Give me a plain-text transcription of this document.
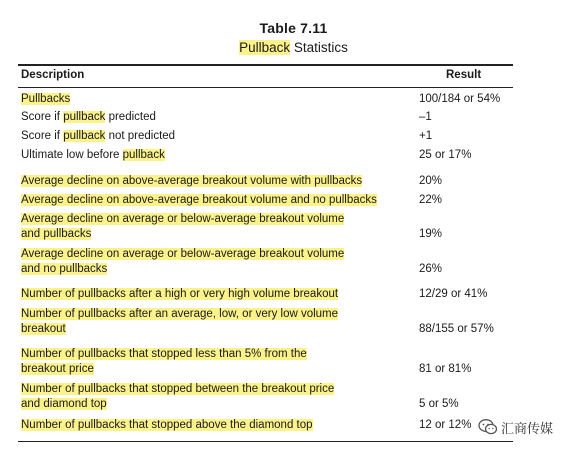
Table 7.11
Pullback Statistics
Description	Result
Pullbacks	100/184 or 54%
Score if pullback predicted	–1
Score if pullback not predicted	+1
Ultimate low before pullback	25 or 17%
Average decline on above-average breakout volume with pullbacks	20%
Average decline on above-average breakout volume and no pullbacks	22%
Average decline on average or below-average breakout volume
and pullbacks	19%
Average decline on average or below-average breakout volume
and no pullbacks	26%
Number of pullbacks after a high or very high volume breakout	12/29 or 41%
Number of pullbacks after an average, low, or very low volume
breakout	88/155 or 57%
Number of pullbacks that stopped less than 5% from the
breakout price	81 or 81%
Number of pullbacks that stopped between the breakout price
and diamond top	5 or 5%
Number of pullbacks that stopped above the diamond top	12 or 12% 汇商传媒
